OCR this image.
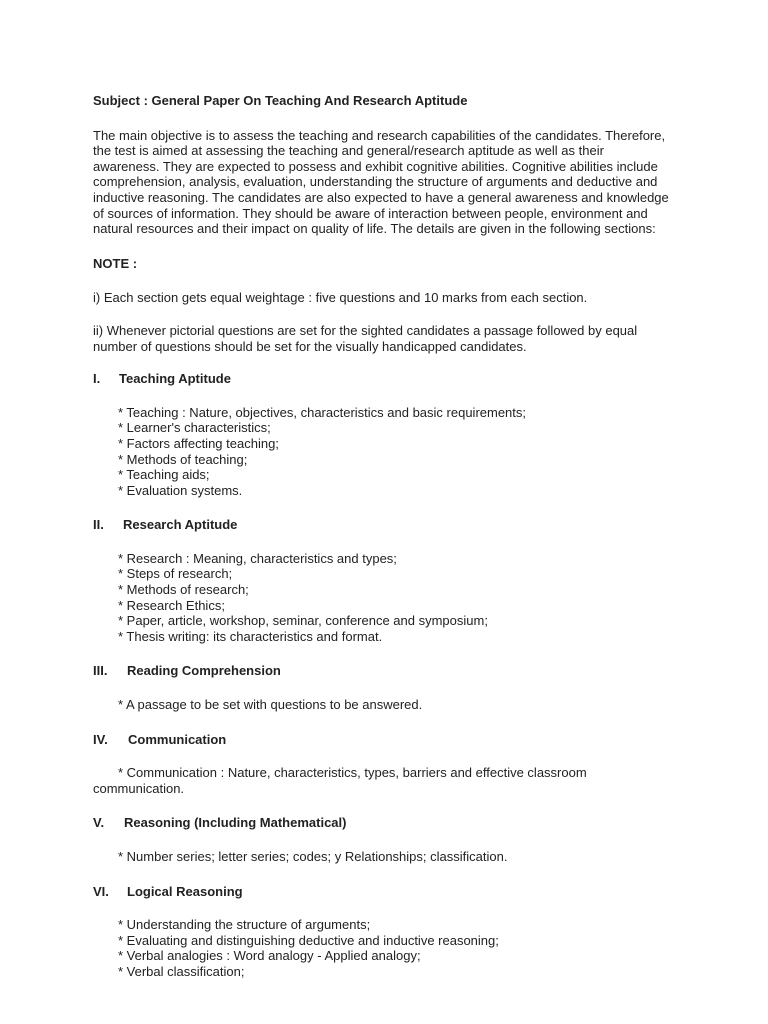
Subject : General Paper On Teaching And Research Aptitude

The main objective is to assess the teaching and research capabilities of the candidates. Therefore, the test is aimed at assessing the teaching and general/research aptitude as well as their awareness. They are expected to possess and exhibit cognitive abilities. Cognitive abilities include comprehension, analysis, evaluation, understanding the structure of arguments and deductive and inductive reasoning. The candidates are also expected to have a general awareness and knowledge of sources of information. They should be aware of interaction between people, environment and natural resources and their impact on quality of life. The details are given in the following sections:

NOTE :

i) Each section gets equal weightage : five questions and 10 marks from each section.

ii) Whenever pictorial questions are set for the sighted candidates a passage followed by equal number of questions should be set for the visually handicapped candidates.

I.	Teaching Aptitude

* Teaching : Nature, objectives, characteristics and basic requirements;

* Learner's characteristics;

* Factors affecting teaching;

* Methods of teaching;

* Teaching aids;

* Evaluation systems.

II.	Research Aptitude

* Research : Meaning, characteristics and types;

* Steps of research;

* Methods of research;

* Research Ethics;

* Paper, article, workshop, seminar, conference and symposium;

* Thesis writing: its characteristics and format.

III.	Reading Comprehension

* A passage to be set with questions to be answered.

IV.	Communication

* Communication : Nature, characteristics, types, barriers and effective classroom communication.

V.	Reasoning (Including Mathematical)

* Number series; letter series; codes; y Relationships; classification.

VI.	Logical Reasoning

* Understanding the structure of arguments;

* Evaluating and distinguishing deductive and inductive reasoning;

* Verbal analogies : Word analogy - Applied analogy;

* Verbal classification;
